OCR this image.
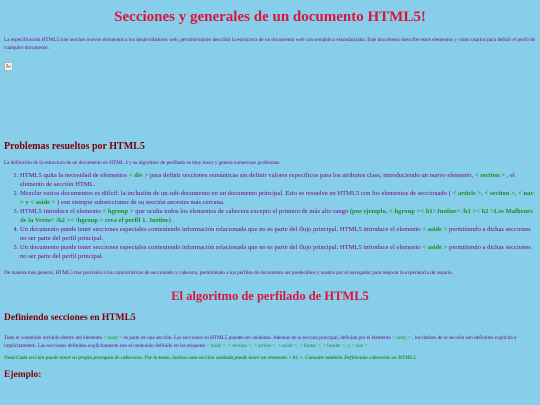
Secciones y generales de un documento HTML5!

La especificación HTML5 trae muchos nuevos elementos a los desarrolladores web, permitiéndoles describir la estructura de un documento web con semántica estandarizada. Este documento describe estos elementos y cómo usarlos para definir el perfil de cualquier documento.

Problemas resueltos por HTML5

La definición de la estructura de un documento en HTML 4 y su algoritmo de perfilado es muy tosco y genera numerosos problemas:

1. HTML5 quita la necesidad de elementos < div > para definir secciones semánticas sin definir valores específicos para los atributos class, introduciendo un nuevo elemento, < section > , el elemento de sección HTML.
2. Mezclar varios documentos es difícil: la inclusión de un sub-documento en un documento principal. Esto se resuelve en HTML5 con los elementos de seccionado ( < article >, < section >, < nav > y < aside > ) son siempre subsecciones de su sección ancestra más cercana.
3. HTML5 introduce el elemento < hgroup > que oculta todos los elementos de cabecera excepto el primero de más alto rango (por ejemplo, < hgroup >< h1>Justine< /h1 >< h2 >Les Malheurs de la Vertu< /h2 >< /hgroup > crea el perfil 1. Justine) .
4. Un documento puede tener secciones especiales conteniendo información relacionada que no es parte del flujo principal. HTML5 introduce el elemento < aside > permitiendo a dichas secciones no ser parte del perfil principal.
5. Un documento puede tener secciones especiales conteniendo información relacionada que no es parte del flujo principal. HTML5 introduce el elemento < aside > permitiendo a dichas secciones no ser parte del perfil principal.

De manera más general, HTML5 trae precisión a las características de seccionado y cabecera, permitiendo a los perfiles de documento ser predecibles y usados por el navegador para mejorar la experiencia de usuario.

El algoritmo de perfilado de HTML5
Definiendo secciones en HTML5

Todo el contenido incluido dentro del elemento < body > es parte de una sección. Las secciones en HTML5 pueden ser anidadas. Además de la sección principal, definida por el elemento < body > , los límites de la sección son definidos explícita o implícitamente. Las secciones definidas explícitamente son el contenido definido en las etiquetas < body >, < section >, < article >, < aside >, < footer >, < header >, y < nav >.

Nota:Cada sección puede tener su propia jerarquía de cabeceras. Por lo tanto, incluso una sección anidada puede tener un elemento < h1 >. Consulte también Definiendo cabeceras en HTML5.

Ejemplo:
